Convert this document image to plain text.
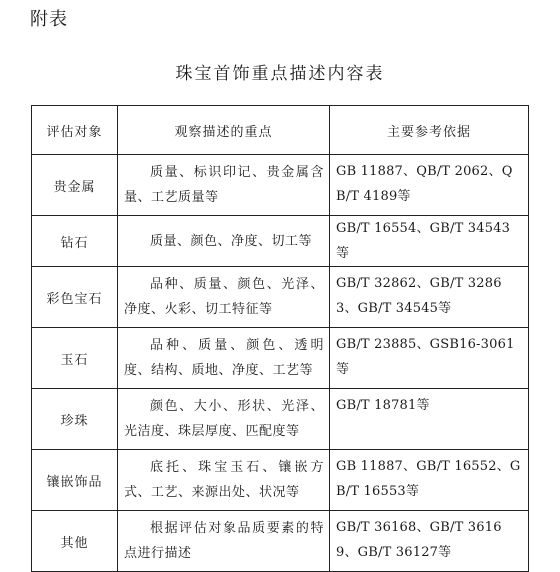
附表
珠宝首饰重点描述内容表
评估对象	观察描述的重点	主要参考依据
贵金属	质量、标识印记、贵金属含量、工艺质量等	GB 11887、QB/T 2062、QB/T 4189等
钻石	质量、颜色、净度、切工等	GB/T 16554、GB/T 34543等
彩色宝石	品种、质量、颜色、光泽、净度、火彩、切工特征等	GB/T 32862、GB/T 32863、GB/T 34545等
玉石	品种、质量、颜色、透明度、结构、质地、净度、工艺等	GB/T 23885、GSB16-3061等
珍珠	颜色、大小、形状、光泽、光洁度、珠层厚度、匹配度等	GB/T 18781等
镶嵌饰品	底托、珠宝玉石、镶嵌方式、工艺、来源出处、状况等	GB 11887、GB/T 16552、GB/T 16553等
其他	根据评估对象品质要素的特点进行描述	GB/T 36168、GB/T 36169、GB/T 36127等
